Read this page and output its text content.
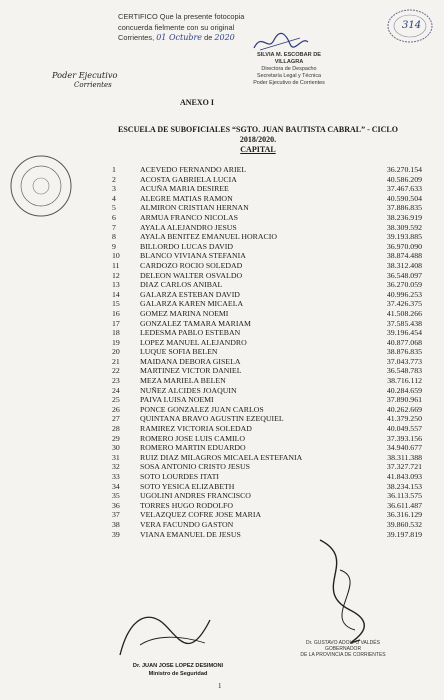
CERTIFICO Que la presente fotocopia
concuerda fielmente con su original
Corrientes, 01 Octubre de 2020
SILVIA M. ESCOBAR DE VILLAGRA
Directora de Despacho
Secretaría Legal y Técnica
Poder Ejecutivo de Corrientes
314
Poder Ejecutivo
Corrientes
ANEXO I
ESCUELA DE SUBOFICIALES “SGTO. JUAN BAUTISTA CABRAL” - CICLO
2018/2020.
CAPITAL
1	ACEVEDO FERNANDO ARIEL	36.270.154
2	ACOSTA GABRIELA LUCIA	40.586.209
3	ACUÑA MARIA DESIREE	37.467.633
4	ALEGRE MATIAS RAMON	40.590.504
5	ALMIRON CRISTIAN HERNAN	37.886.835
6	ARMUA FRANCO NICOLAS	38.236.919
7	AYALA ALEJANDRO JESUS	38.309.592
8	AYALA BENITEZ EMANUEL HORACIO	39.193.885
9	BILLORDO LUCAS DAVID	36.970.090
10	BLANCO VIVIANA STEFANIA	38.874.488
11	CARDOZO ROCIO SOLEDAD	38.312.408
12	DELEON WALTER OSVALDO	36.548.097
13	DIAZ CARLOS ANIBAL	36.270.059
14	GALARZA ESTEBAN DAVID	40.996.253
15	GALARZA KAREN MICAELA	37.426.375
16	GOMEZ MARINA NOEMI	41.508.266
17	GONZALEZ TAMARA MARIAM	37.585.438
18	LEDESMA PABLO ESTEBAN	39.196.454
19	LOPEZ MANUEL ALEJANDRO	40.877.068
20	LUQUE SOFIA BELEN	38.876.835
21	MAIDANA DEBORA GISELA	37.043.773
22	MARTINEZ VICTOR DANIEL	36.548.783
23	MEZA MARIELA BELEN	38.716.112
24	NUÑEZ ALCIDES JOAQUIN	40.284.659
25	PAIVA LUISA NOEMI	37.890.961
26	PONCE GONZALEZ JUAN CARLOS	40.262.669
27	QUINTANA BRAVO AGUSTIN EZEQUIEL	41.379.250
28	RAMIREZ VICTORIA SOLEDAD	40.049.557
29	ROMERO JOSE LUIS CAMILO	37.393.156
30	ROMERO MARTIN EDUARDO	34.940.677
31	RUIZ DIAZ MILAGROS MICAELA ESTEFANIA	38.311.388
32	SOSA ANTONIO CRISTO JESUS	37.327.721
33	SOTO LOURDES ITATI	41.843.093
34	SOTO YESICA ELIZABETH	38.234.153
35	UGOLINI ANDRES FRANCISCO	36.113.575
36	TORRES HUGO RODOLFO	36.611.487
37	VELAZQUEZ COFRE JOSE MARIA	36.316.129
38	VERA FACUNDO GASTON	39.860.532
39	VIANA EMANUEL DE JESUS	39.197.819
Dr. JUAN JOSE LOPEZ DESIMONI
Ministro de Seguridad
Dr. GUSTAVO ADOLFO VALDÉS
GOBERNADOR
DE LA PROVINCIA DE CORRIENTES
1
